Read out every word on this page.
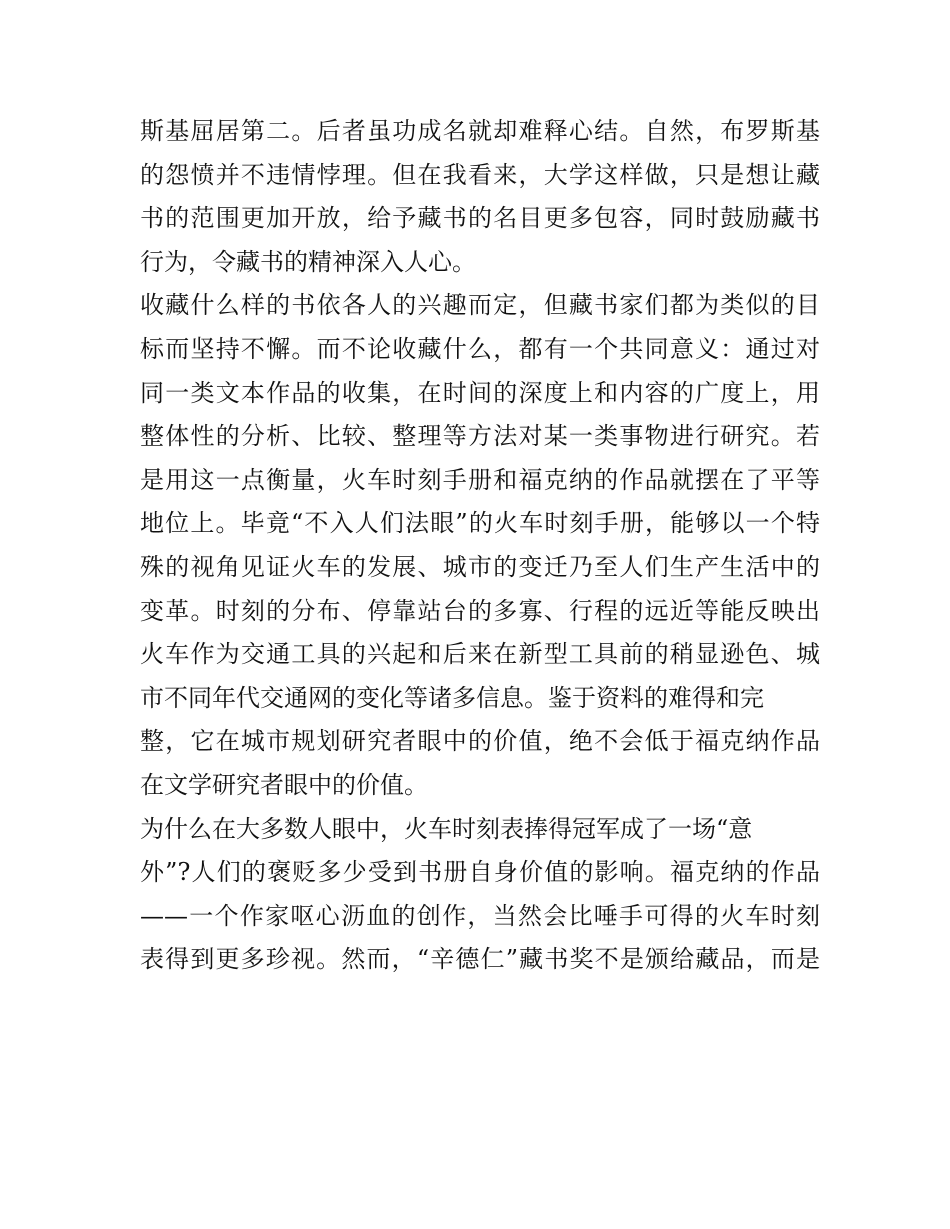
斯基屈居第二。后者虽功成名就却难释心结。自然，布罗斯基
的怨愤并不违情悖理。但在我看来，大学这样做，只是想让藏
书的范围更加开放，给予藏书的名目更多包容，同时鼓励藏书
行为，令藏书的精神深入人心。
收藏什么样的书依各人的兴趣而定，但藏书家们都为类似的目
标而坚持不懈。而不论收藏什么，都有一个共同意义：通过对
同一类文本作品的收集，在时间的深度上和内容的广度上，用
整体性的分析、比较、整理等方法对某一类事物进行研究。若
是用这一点衡量，火车时刻手册和福克纳的作品就摆在了平等
地位上。毕竟“不入人们法眼”的火车时刻手册，能够以一个特
殊的视角见证火车的发展、城市的变迁乃至人们生产生活中的
变革。时刻的分布、停靠站台的多寡、行程的远近等能反映出
火车作为交通工具的兴起和后来在新型工具前的稍显逊色、城
市不同年代交通网的变化等诸多信息。鉴于资料的难得和完
整，它在城市规划研究者眼中的价值，绝不会低于福克纳作品
在文学研究者眼中的价值。
为什么在大多数人眼中，火车时刻表捧得冠军成了一场“意
外”?人们的褒贬多少受到书册自身价值的影响。福克纳的作品
——一个作家呕心沥血的创作，当然会比唾手可得的火车时刻
表得到更多珍视。然而，“辛德仁”藏书奖不是颁给藏品，而是
